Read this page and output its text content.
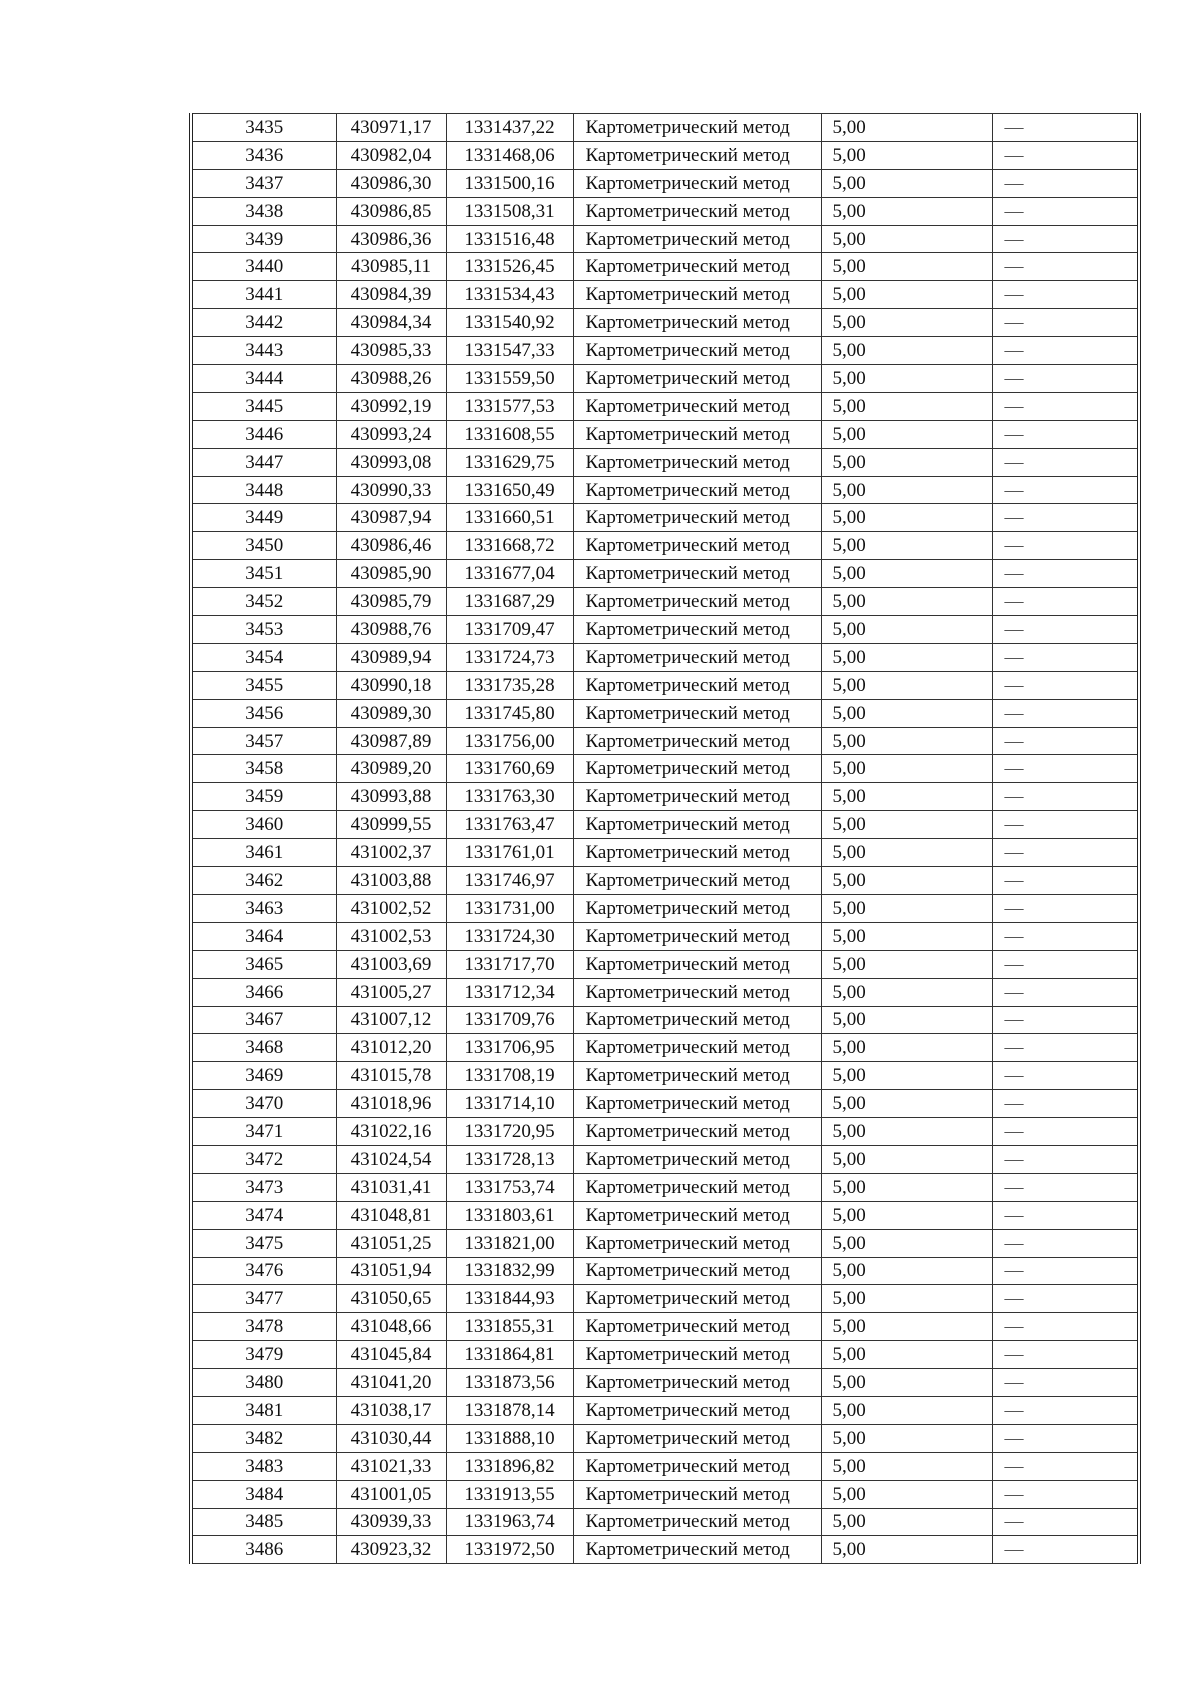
3435	430971,17	1331437,22	Картометрический метод	5,00	—
3436	430982,04	1331468,06	Картометрический метод	5,00	—
3437	430986,30	1331500,16	Картометрический метод	5,00	—
3438	430986,85	1331508,31	Картометрический метод	5,00	—
3439	430986,36	1331516,48	Картометрический метод	5,00	—
3440	430985,11	1331526,45	Картометрический метод	5,00	—
3441	430984,39	1331534,43	Картометрический метод	5,00	—
3442	430984,34	1331540,92	Картометрический метод	5,00	—
3443	430985,33	1331547,33	Картометрический метод	5,00	—
3444	430988,26	1331559,50	Картометрический метод	5,00	—
3445	430992,19	1331577,53	Картометрический метод	5,00	—
3446	430993,24	1331608,55	Картометрический метод	5,00	—
3447	430993,08	1331629,75	Картометрический метод	5,00	—
3448	430990,33	1331650,49	Картометрический метод	5,00	—
3449	430987,94	1331660,51	Картометрический метод	5,00	—
3450	430986,46	1331668,72	Картометрический метод	5,00	—
3451	430985,90	1331677,04	Картометрический метод	5,00	—
3452	430985,79	1331687,29	Картометрический метод	5,00	—
3453	430988,76	1331709,47	Картометрический метод	5,00	—
3454	430989,94	1331724,73	Картометрический метод	5,00	—
3455	430990,18	1331735,28	Картометрический метод	5,00	—
3456	430989,30	1331745,80	Картометрический метод	5,00	—
3457	430987,89	1331756,00	Картометрический метод	5,00	—
3458	430989,20	1331760,69	Картометрический метод	5,00	—
3459	430993,88	1331763,30	Картометрический метод	5,00	—
3460	430999,55	1331763,47	Картометрический метод	5,00	—
3461	431002,37	1331761,01	Картометрический метод	5,00	—
3462	431003,88	1331746,97	Картометрический метод	5,00	—
3463	431002,52	1331731,00	Картометрический метод	5,00	—
3464	431002,53	1331724,30	Картометрический метод	5,00	—
3465	431003,69	1331717,70	Картометрический метод	5,00	—
3466	431005,27	1331712,34	Картометрический метод	5,00	—
3467	431007,12	1331709,76	Картометрический метод	5,00	—
3468	431012,20	1331706,95	Картометрический метод	5,00	—
3469	431015,78	1331708,19	Картометрический метод	5,00	—
3470	431018,96	1331714,10	Картометрический метод	5,00	—
3471	431022,16	1331720,95	Картометрический метод	5,00	—
3472	431024,54	1331728,13	Картометрический метод	5,00	—
3473	431031,41	1331753,74	Картометрический метод	5,00	—
3474	431048,81	1331803,61	Картометрический метод	5,00	—
3475	431051,25	1331821,00	Картометрический метод	5,00	—
3476	431051,94	1331832,99	Картометрический метод	5,00	—
3477	431050,65	1331844,93	Картометрический метод	5,00	—
3478	431048,66	1331855,31	Картометрический метод	5,00	—
3479	431045,84	1331864,81	Картометрический метод	5,00	—
3480	431041,20	1331873,56	Картометрический метод	5,00	—
3481	431038,17	1331878,14	Картометрический метод	5,00	—
3482	431030,44	1331888,10	Картометрический метод	5,00	—
3483	431021,33	1331896,82	Картометрический метод	5,00	—
3484	431001,05	1331913,55	Картометрический метод	5,00	—
3485	430939,33	1331963,74	Картометрический метод	5,00	—
3486	430923,32	1331972,50	Картометрический метод	5,00	—
